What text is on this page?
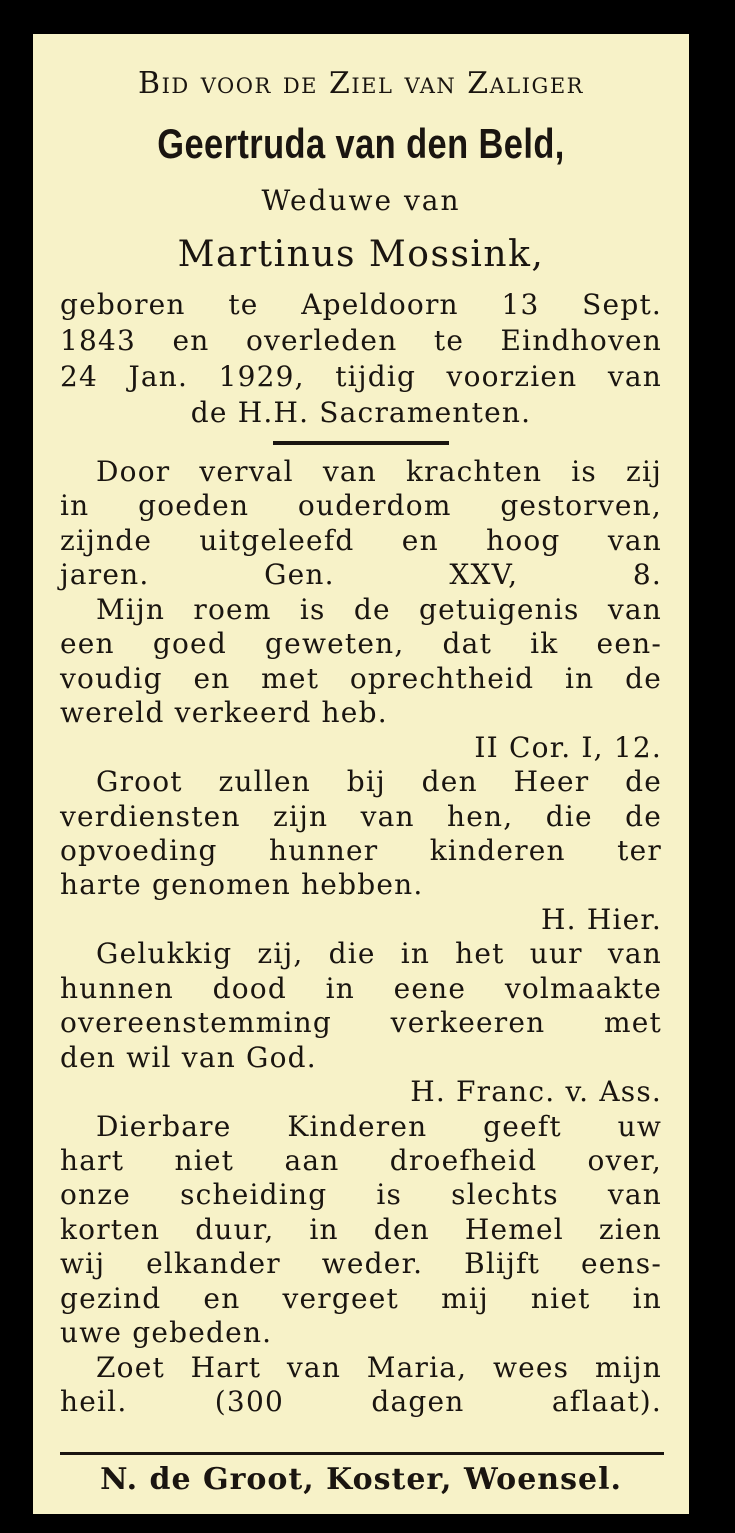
Bid voor de Ziel van Zaliger
Geertruda van den Beld,
Weduwe van
Martinus Mossink,
geboren te Apeldoorn 13 Sept.
1843 en overleden te Eindhoven
24 Jan. 1929, tijdig voorzien van
de H.H. Sacramenten.
Door verval van krachten is zij
in goeden ouderdom gestorven,
zijnde uitgeleefd en hoog van
jaren. Gen. XXV, 8.
Mijn roem is de getuigenis van
een goed geweten, dat ik een-
voudig en met oprechtheid in de
wereld verkeerd heb.
II Cor. I, 12.
Groot zullen bij den Heer de
verdiensten zijn van hen, die de
opvoeding hunner kinderen ter
harte genomen hebben.
H. Hier.
Gelukkig zij, die in het uur van
hunnen dood in eene volmaakte
overeenstemming verkeeren met
den wil van God.
H. Franc. v. Ass.
Dierbare Kinderen geeft uw
hart niet aan droefheid over,
onze scheiding is slechts van
korten duur, in den Hemel zien
wij elkander weder. Blijft eens-
gezind en vergeet mij niet in
uwe gebeden.
Zoet Hart van Maria, wees mijn
heil. (300 dagen aflaat).
N. de Groot, Koster, Woensel.
